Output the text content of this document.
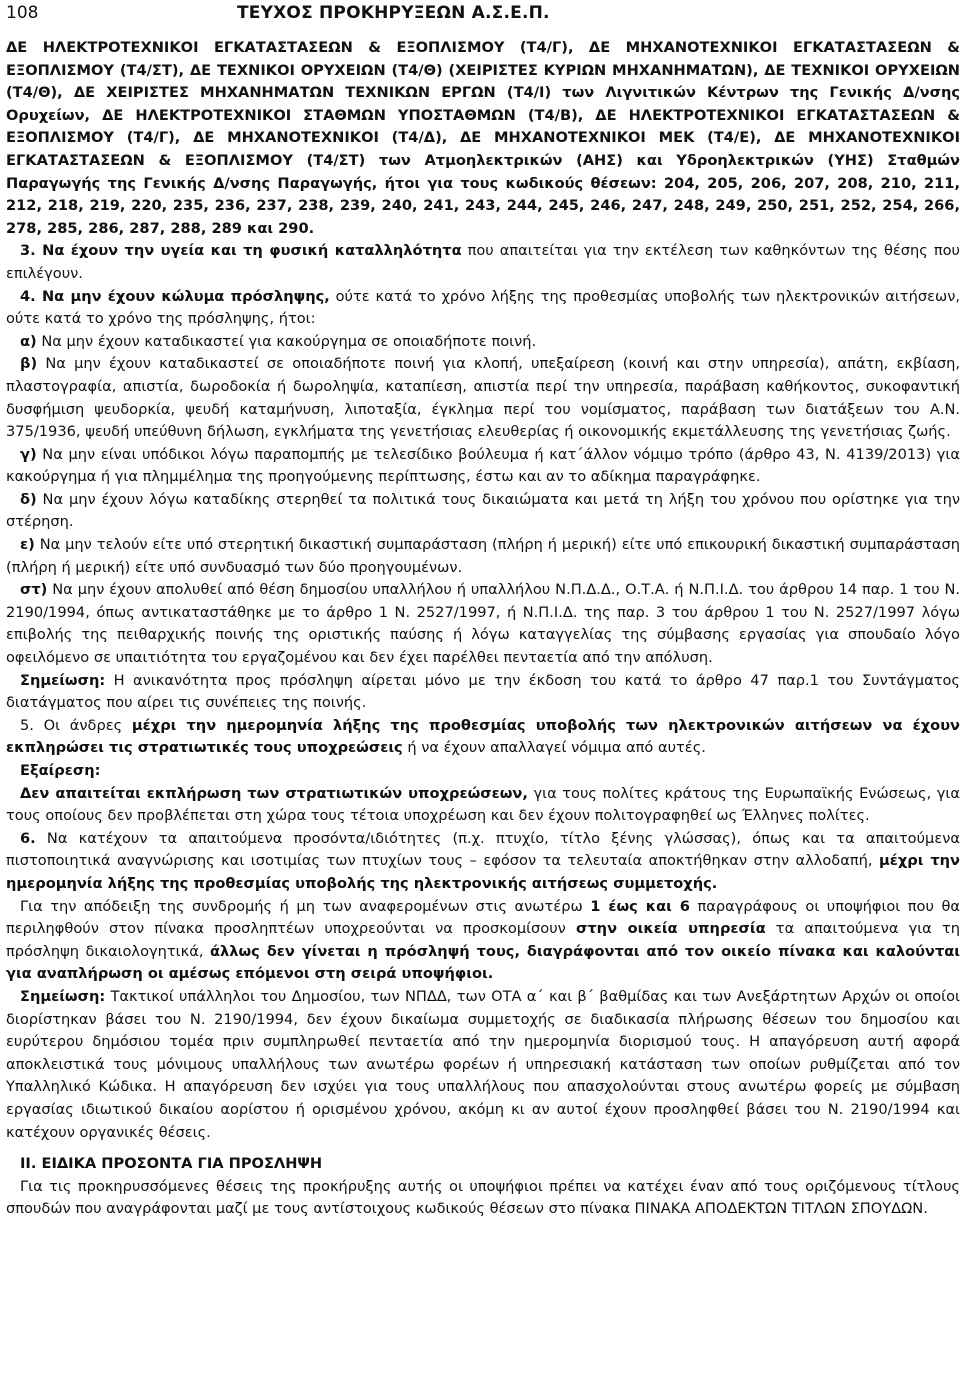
108	ΤΕΥΧΟΣ ΠΡΟΚΗΡΥΞΕΩΝ Α.Σ.Ε.Π.

ΔΕ ΗΛΕΚΤΡΟΤΕΧΝΙΚΟΙ ΕΓΚΑΤΑΣΤΑΣΕΩΝ & ΕΞΟΠΛΙΣΜΟΥ (Τ4/Γ), ΔΕ ΜΗΧΑΝΟΤΕΧΝΙΚΟΙ ΕΓΚΑΤΑΣΤΑΣΕΩΝ & ΕΞΟΠΛΙΣΜΟΥ (Τ4/ΣΤ), ΔΕ ΤΕΧΝΙΚΟΙ ΟΡΥΧΕΙΩΝ (Τ4/Θ) (ΧΕΙΡΙΣΤΕΣ ΚΥΡΙΩΝ ΜΗΧΑΝΗΜΑΤΩΝ), ΔΕ ΤΕΧΝΙΚΟΙ ΟΡΥΧΕΙΩΝ (Τ4/Θ), ΔΕ ΧΕΙΡΙΣΤΕΣ ΜΗΧΑΝΗΜΑΤΩΝ ΤΕΧΝΙΚΩΝ ΕΡΓΩΝ (Τ4/Ι) των Λιγνιτικών Κέντρων της Γενικής Δ/νσης Ορυχείων, ΔΕ ΗΛΕΚΤΡΟΤΕΧΝΙΚΟΙ ΣΤΑΘΜΩΝ ΥΠΟΣΤΑΘΜΩΝ (Τ4/Β), ΔΕ ΗΛΕΚΤΡΟΤΕΧΝΙΚΟΙ ΕΓΚΑΤΑΣΤΑΣΕΩΝ & ΕΞΟΠΛΙΣΜΟΥ (Τ4/Γ), ΔΕ ΜΗΧΑΝΟΤΕΧΝΙΚΟΙ (Τ4/Δ), ΔΕ ΜΗΧΑΝΟΤΕΧΝΙΚΟΙ ΜΕΚ (Τ4/Ε), ΔΕ ΜΗΧΑΝΟΤΕΧΝΙΚΟΙ ΕΓΚΑΤΑΣΤΑΣΕΩΝ & ΕΞΟΠΛΙΣΜΟΥ (Τ4/ΣΤ) των Ατμοηλεκτρικών (ΑΗΣ) και Υδροηλεκτρικών (ΥΗΣ) Σταθμών Παραγωγής της Γενικής Δ/νσης Παραγωγής, ήτοι για τους κωδικούς θέσεων: 204, 205, 206, 207, 208, 210, 211, 212, 218, 219, 220, 235, 236, 237, 238, 239, 240, 241, 243, 244, 245, 246, 247, 248, 249, 250, 251, 252, 254, 266, 278, 285, 286, 287, 288, 289 και 290.

3. Να έχουν την υγεία και τη φυσική καταλληλότητα που απαιτείται για την εκτέλεση των καθηκόντων της θέσης που επιλέγουν.

4. Να μην έχουν κώλυμα πρόσληψης, ούτε κατά το χρόνο λήξης της προθεσμίας υποβολής των ηλεκτρονικών αιτήσεων, ούτε κατά το χρόνο της πρόσληψης, ήτοι:

α) Να μην έχουν καταδικαστεί για κακούργημα σε οποιαδήποτε ποινή.

β) Να μην έχουν καταδικαστεί σε οποιαδήποτε ποινή για κλοπή, υπεξαίρεση (κοινή και στην υπηρεσία), απάτη, εκβίαση, πλαστογραφία, απιστία, δωροδοκία ή δωροληψία, καταπίεση, απιστία περί την υπηρεσία, παράβαση καθήκοντος, συκοφαντική δυσφήμιση ψευδορκία, ψευδή καταμήνυση, λιποταξία, έγκλημα περί του νομίσματος, παράβαση των διατάξεων του Α.Ν. 375/1936, ψευδή υπεύθυνη δήλωση, εγκλήματα της γενετήσιας ελευθερίας ή οικονομικής εκμετάλλευσης της γενετήσιας ζωής.

γ) Να μην είναι υπόδικοι λόγω παραπομπής με τελεσίδικο βούλευμα ή κατ΄άλλον νόμιμο τρόπο (άρθρο 43, Ν. 4139/2013) για κακούργημα ή για πλημμέλημα της προηγούμενης περίπτωσης, έστω και αν το αδίκημα παραγράφηκε.

δ) Να μην έχουν λόγω καταδίκης στερηθεί τα πολιτικά τους δικαιώματα και μετά τη λήξη του χρόνου που ορίστηκε για την στέρηση.

ε) Να μην τελούν είτε υπό στερητική δικαστική συμπαράσταση (πλήρη ή μερική) είτε υπό επικουρική δικαστική συμπαράσταση (πλήρη ή μερική) είτε υπό συνδυασμό των δύο προηγουμένων.

στ) Να μην έχουν απολυθεί από θέση δημοσίου υπαλλήλου ή υπαλλήλου Ν.Π.Δ.Δ., Ο.Τ.Α. ή Ν.Π.Ι.Δ. του άρθρου 14 παρ. 1 του Ν. 2190/1994, όπως αντικαταστάθηκε με το άρθρο 1 Ν. 2527/1997, ή Ν.Π.Ι.Δ. της παρ. 3 του άρθρου 1 του Ν. 2527/1997 λόγω επιβολής της πειθαρχικής ποινής της οριστικής παύσης ή λόγω καταγγελίας της σύμβασης εργασίας για σπουδαίο λόγο οφειλόμενο σε υπαιτιότητα του εργαζομένου και δεν έχει παρέλθει πενταετία από την απόλυση.

Σημείωση: Η ανικανότητα προς πρόσληψη αίρεται μόνο με την έκδοση του κατά το άρθρο 47 παρ.1 του Συντάγματος διατάγματος που αίρει τις συνέπειες της ποινής.

5. Οι άνδρες μέχρι την ημερομηνία λήξης της προθεσμίας υποβολής των ηλεκτρονικών αιτήσεων να έχουν εκπληρώσει τις στρατιωτικές τους υποχρεώσεις ή να έχουν απαλλαγεί νόμιμα από αυτές.

Εξαίρεση:

Δεν απαιτείται εκπλήρωση των στρατιωτικών υποχρεώσεων, για τους πολίτες κράτους της Ευρωπαϊκής Ενώσεως, για τους οποίους δεν προβλέπεται στη χώρα τους τέτοια υποχρέωση και δεν έχουν πολιτογραφηθεί ως Έλληνες πολίτες.

6. Να κατέχουν τα απαιτούμενα προσόντα/ιδιότητες (π.χ. πτυχίο, τίτλο ξένης γλώσσας), όπως και τα απαιτούμενα πιστοποιητικά αναγνώρισης και ισοτιμίας των πτυχίων τους – εφόσον τα τελευταία αποκτήθηκαν στην αλλοδαπή, μέχρι την ημερομηνία λήξης της προθεσμίας υποβολής της ηλεκτρονικής αιτήσεως συμμετοχής.

Για την απόδειξη της συνδρομής ή μη των αναφερομένων στις ανωτέρω 1 έως και 6 παραγράφους οι υποψήφιοι που θα περιληφθούν στον πίνακα προσληπτέων υποχρεούνται να προσκομίσουν στην οικεία υπηρεσία τα απαιτούμενα για τη πρόσληψη δικαιολογητικά, άλλως δεν γίνεται η πρόσληψή τους, διαγράφονται από τον οικείο πίνακα και καλούνται για αναπλήρωση οι αμέσως επόμενοι στη σειρά υποψήφιοι.

Σημείωση: Τακτικοί υπάλληλοι του Δημοσίου, των ΝΠΔΔ, των ΟΤΑ α΄ και β΄ βαθμίδας και των Ανεξάρτητων Αρχών οι οποίοι διορίστηκαν βάσει του Ν. 2190/1994, δεν έχουν δικαίωμα συμμετοχής σε διαδικασία πλήρωσης θέσεων του δημοσίου και ευρύτερου δημόσιου τομέα πριν συμπληρωθεί πενταετία από την ημερομηνία διορισμού τους. Η απαγόρευση αυτή αφορά αποκλειστικά τους μόνιμους υπαλλήλους των ανωτέρω φορέων ή υπηρεσιακή κατάσταση των οποίων ρυθμίζεται από τον Υπαλληλικό Κώδικα. Η απαγόρευση δεν ισχύει για τους υπαλλήλους που απασχολούνται στους ανωτέρω φορείς με σύμβαση εργασίας ιδιωτικού δικαίου αορίστου ή ορισμένου χρόνου, ακόμη κι αν αυτοί έχουν προσληφθεί βάσει του Ν. 2190/1994 και κατέχουν οργανικές θέσεις.

ΙΙ. ΕΙΔΙΚΑ ΠΡΟΣΟΝΤΑ ΓΙΑ ΠΡΟΣΛΗΨΗ

Για τις προκηρυσσόμενες θέσεις της προκήρυξης αυτής οι υποψήφιοι πρέπει να κατέχει έναν από τους οριζόμενους τίτλους σπουδών που αναγράφονται μαζί με τους αντίστοιχους κωδικούς θέσεων στο πίνακα ΠΙΝΑΚΑ ΑΠΟΔΕΚΤΩΝ ΤΙΤΛΩΝ ΣΠΟΥΔΩΝ.
